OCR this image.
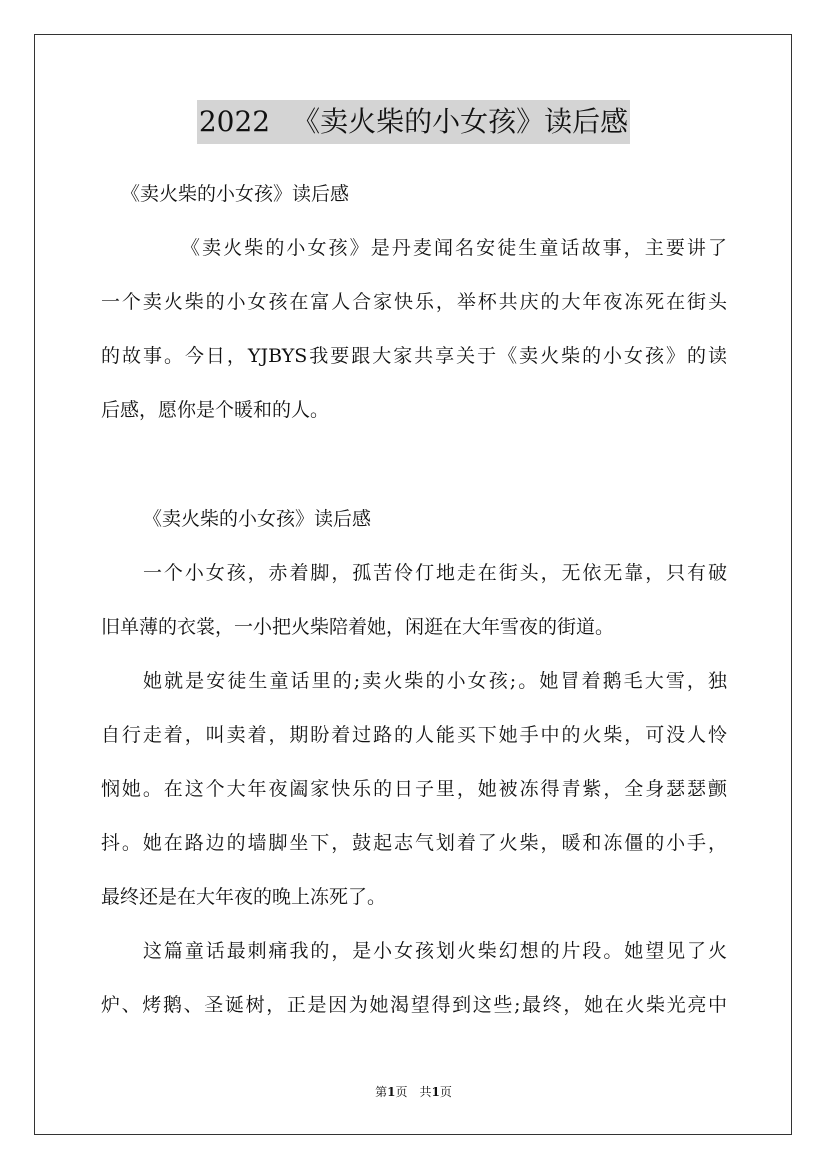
2022 《卖火柴的小女孩》读后感
《卖火柴的小女孩》读后感
《卖火柴的小女孩》是丹麦闻名安徒生童话故事，主要讲了
一个卖火柴的小女孩在富人合家快乐，举杯共庆的大年夜冻死在街头
的故事。今日，YJBYS我要跟大家共享关于《卖火柴的小女孩》的读
后感，愿你是个暖和的人。
《卖火柴的小女孩》读后感
一个小女孩，赤着脚，孤苦伶仃地走在街头，无依无靠，只有破
旧单薄的衣裳，一小把火柴陪着她，闲逛在大年雪夜的街道。
她就是安徒生童话里的;卖火柴的小女孩;。她冒着鹅毛大雪，独
自行走着，叫卖着，期盼着过路的人能买下她手中的火柴，可没人怜
悯她。在这个大年夜阖家快乐的日子里，她被冻得青紫，全身瑟瑟颤
抖。她在路边的墙脚坐下，鼓起志气划着了火柴，暖和冻僵的小手，
最终还是在大年夜的晚上冻死了。
这篇童话最刺痛我的，是小女孩划火柴幻想的片段。她望见了火
炉、烤鹅、圣诞树，正是因为她渴望得到这些;最终，她在火柴光亮中
第1页　共1页
